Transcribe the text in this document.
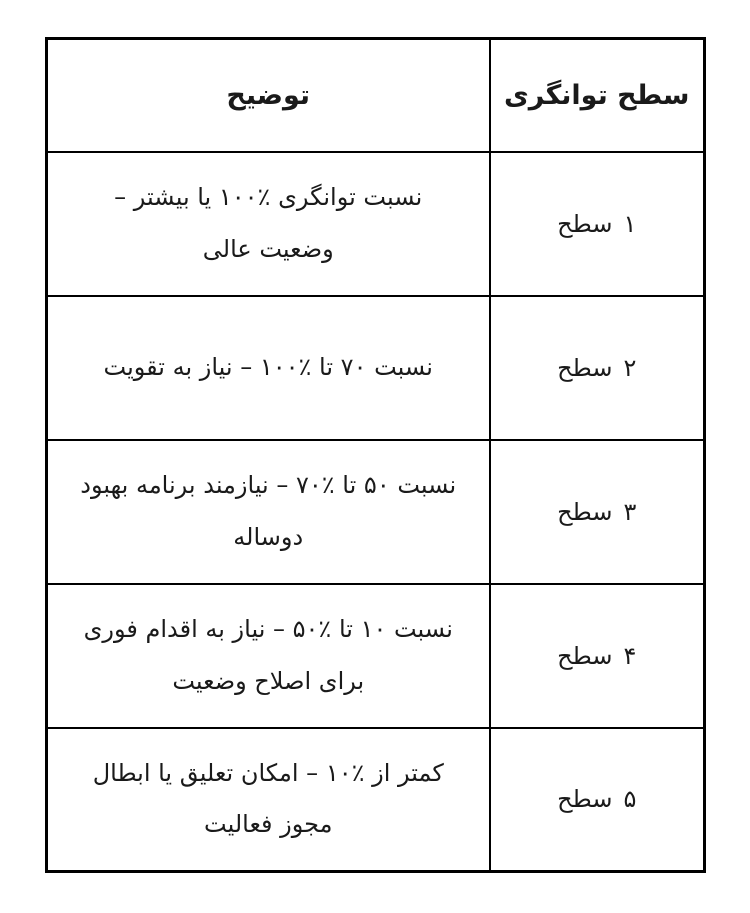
سطح توانگری	توضیح
سطح ۱	نسبت توانگری ٪۱۰۰ یا بیشتر – وضعیت عالی
سطح ۲	نسبت ۷۰ تا ٪۱۰۰ – نیاز به تقویت
سطح ۳	نسبت ۵۰ تا ٪۷۰ – نیازمند برنامه بهبود دوساله
سطح ۴	نسبت ۱۰ تا ٪۵۰ – نیاز به اقدام فوری برای اصلاح وضعیت
سطح ۵	کمتر از ٪۱۰ – امکان تعلیق یا ابطال مجوز فعالیت
